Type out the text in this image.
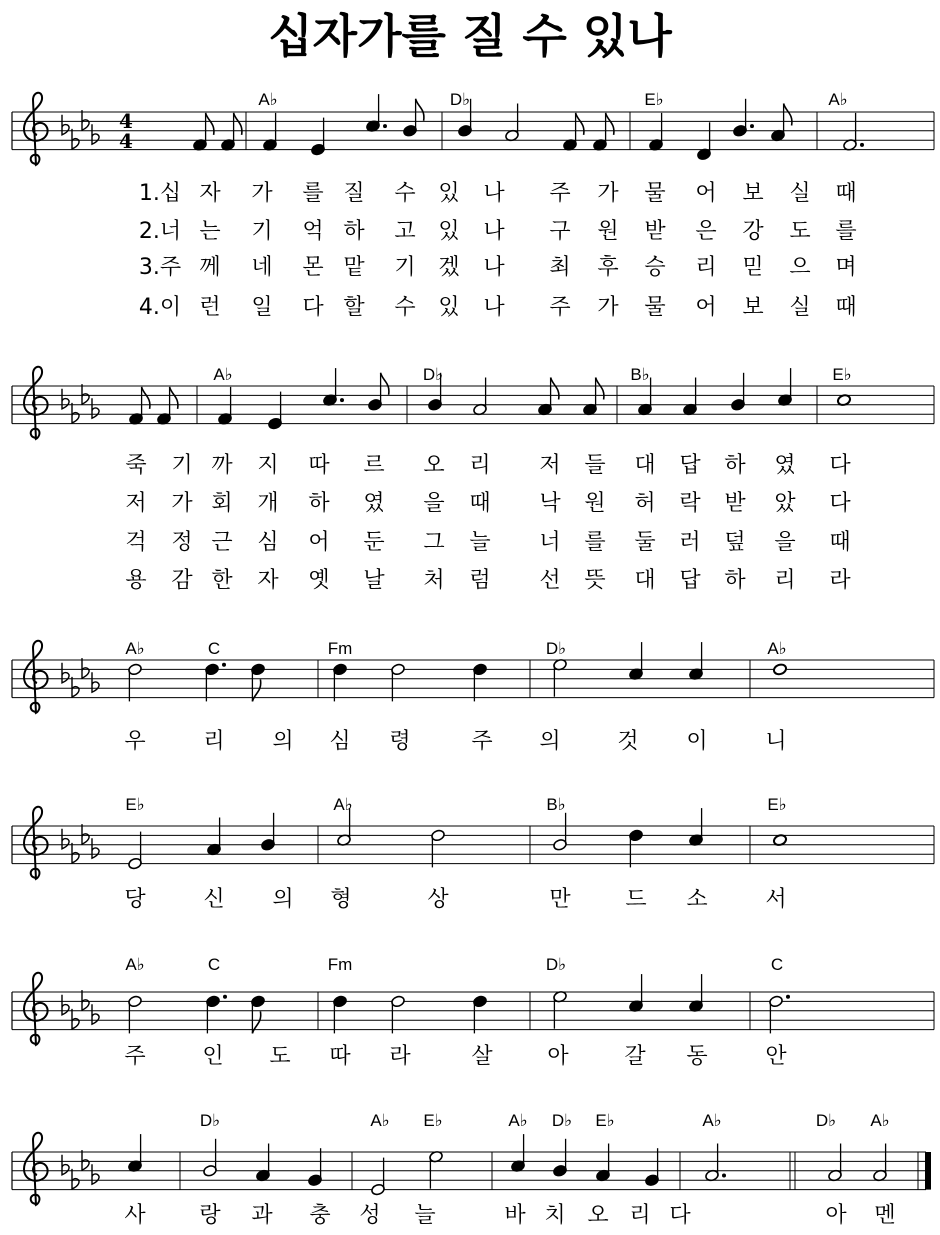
십자가를 질 수 있나
4
4
A♭	D♭	E♭	A♭
1.십 자 가 를 질 수 있 나 주 가 물 어 보 실 때
2.너 는 기 억 하 고 있 나 구 원 받 은 강 도 를
3.주 께 네 몬 맡 기 겠 나 최 후 승 리 믿 으 며
4.이 런 일 다 할 수 있 나 주 가 물 어 보 실 때
A♭	D♭	B♭	E♭
죽 기 까 지 따 르 오 리 저 들 대 답 하 였 다
저 가 회 개 하 였 을 때 낙 원 허 락 받 았 다
걱 정 근 심 어 둔 그 늘 너 를 둘 러 덮 을 때
용 감 한 자 옛 날 처 럼 선 뜻 대 답 하 리 라
A♭	C	Fm	D♭	A♭
우	리 의 심 령	주 의	것 이	니
E♭	A♭	B♭	E♭
당	신 의 형	상	만 드 소	서
A♭	C	Fm	D♭	C
주	인 도 따 라	살 아	갈 동	안
D♭	A♭ E♭	A♭ D♭ E♭	A♭	D♭ A♭
사 랑 과 충 성 늘	바 치 오 리 다	아 멘
